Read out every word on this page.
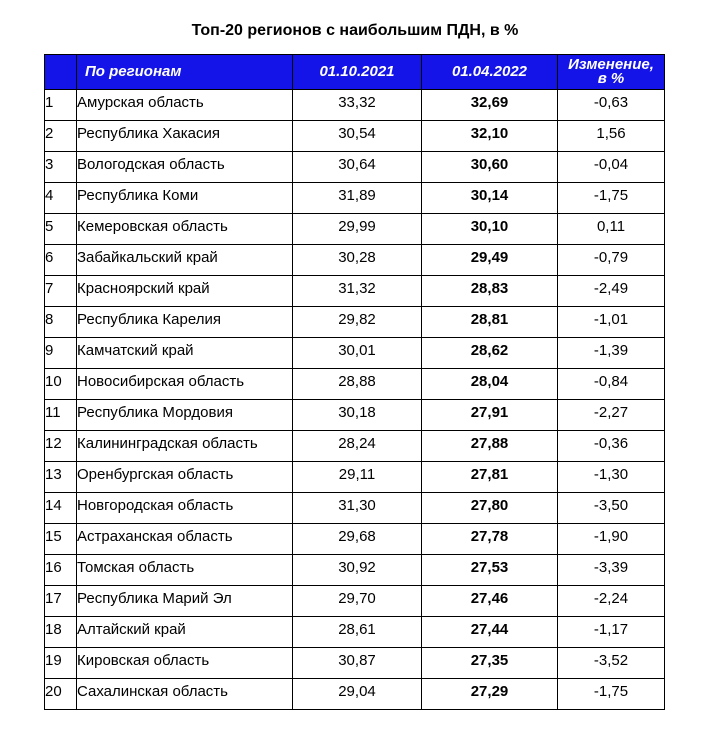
Топ-20 регионов с наибольшим ПДН, в %
	По регионам	01.10.2021	01.04.2022	Изменение,
в %
1	Амурская область	33,32	32,69	-0,63
2	Республика Хакасия	30,54	32,10	1,56
3	Вологодская область	30,64	30,60	-0,04
4	Республика Коми	31,89	30,14	-1,75
5	Кемеровская область	29,99	30,10	0,11
6	Забайкальский край	30,28	29,49	-0,79
7	Красноярский край	31,32	28,83	-2,49
8	Республика Карелия	29,82	28,81	-1,01
9	Камчатский край	30,01	28,62	-1,39
10	Новосибирская область	28,88	28,04	-0,84
11	Республика Мордовия	30,18	27,91	-2,27
12	Калининградская область	28,24	27,88	-0,36
13	Оренбургская область	29,11	27,81	-1,30
14	Новгородская область	31,30	27,80	-3,50
15	Астраханская область	29,68	27,78	-1,90
16	Томская область	30,92	27,53	-3,39
17	Республика Марий Эл	29,70	27,46	-2,24
18	Алтайский край	28,61	27,44	-1,17
19	Кировская область	30,87	27,35	-3,52
20	Сахалинская область	29,04	27,29	-1,75
